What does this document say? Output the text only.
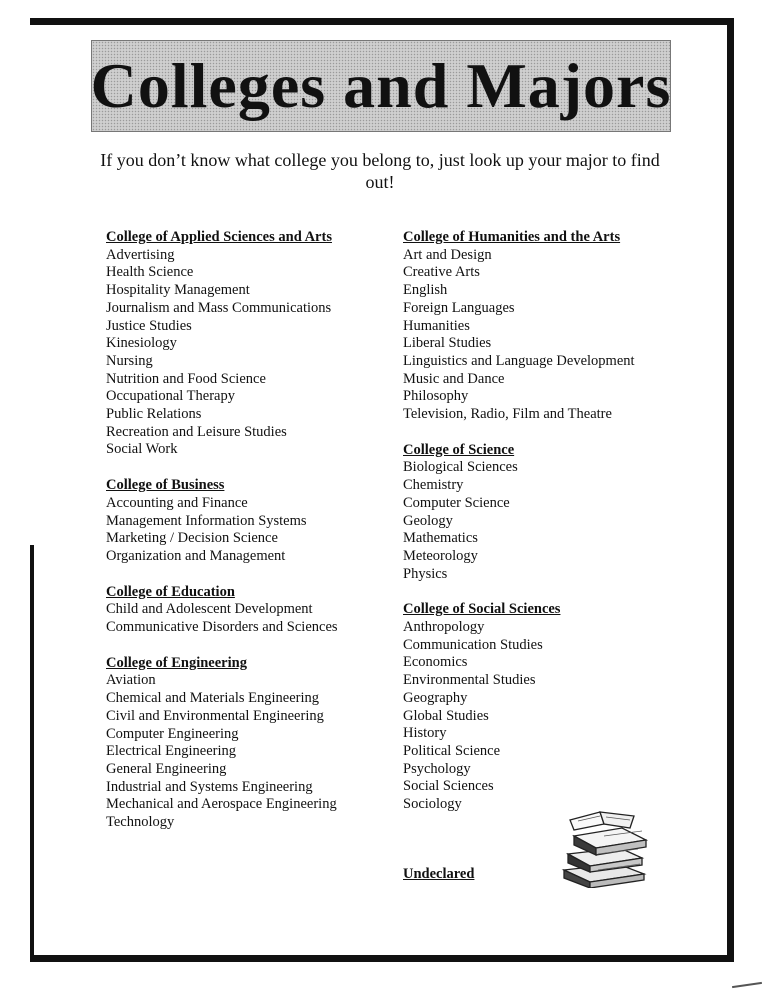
Colleges and Majors
If you don’t know what college you belong to, just look up your major to find out!
College of Applied Sciences and Arts
Advertising
Health Science
Hospitality Management
Journalism and Mass Communications
Justice Studies
Kinesiology
Nursing
Nutrition and Food Science
Occupational Therapy
Public Relations
Recreation and Leisure Studies
Social Work
College of Business
Accounting and Finance
Management Information Systems
Marketing / Decision Science
Organization and Management
College of Education
Child and Adolescent Development
Communicative Disorders and Sciences
College of Engineering
Aviation
Chemical and Materials Engineering
Civil and Environmental Engineering
Computer Engineering
Electrical Engineering
General Engineering
Industrial and Systems Engineering
Mechanical and Aerospace Engineering
Technology
College of Humanities and the Arts
Art and Design
Creative Arts
English
Foreign Languages
Humanities
Liberal Studies
Linguistics and Language Development
Music and Dance
Philosophy
Television, Radio, Film and Theatre
College of Science
Biological Sciences
Chemistry
Computer Science
Geology
Mathematics
Meteorology
Physics
College of Social Sciences
Anthropology
Communication Studies
Economics
Environmental Studies
Geography
Global Studies
History
Political Science
Psychology
Social Sciences
Sociology
Undeclared
